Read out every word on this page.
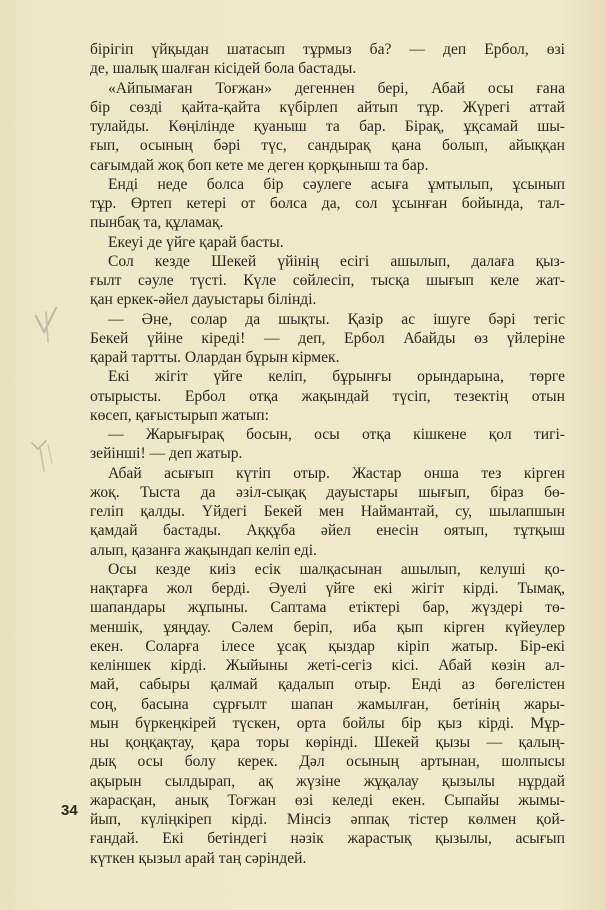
бірігіп үйқыдан шатасып тұрмыз ба? — деп Ербол, өзі
де, шалық шалған кісідей бола бастады.
«Айпымаған Тоғжан» дегеннен бері, Абай осы ғана
бір сөзді қайта-қайта күбірлеп айтып тұр. Жүрегі аттай
тулайды. Көңілінде қуаныш та бар. Бірақ, ұқсамай шы-
ғып, осының бәрі түс, сандырақ қана болып, айыққан
сағымдай жоқ боп кете ме деген қорқыныш та бар.
Енді неде болса бір сәулеге асыға ұмтылып, ұсынып
тұр. Өртеп кетері от болса да, сол ұсынған бойында, тал-
пынбақ та, құламақ.
Екеуі де үйге қарай басты.
Сол кезде Шекей үйінің есігі ашылып, далаға қыз-
ғылт сәуле түсті. Күле сөйлесіп, тысқа шығып келе жат-
қан еркек-әйел дауыстары білінді.
— Әне, солар да шықты. Қазір ас ішуге бәрі тегіс
Бекей үйіне кіреді! — деп, Ербол Абайды өз үйлеріне
қарай тартты. Олардан бұрын кірмек.
Екі жігіт үйге келіп, бұрынғы орындарына, төрге
отырысты. Ербол отқа жақындай түсіп, тезектің отын
көсеп, қағыстырып жатып:
— Жарығырақ босын, осы отқа кішкене қол тигі-
зейінші! — деп жатыр.
Абай асығып күтіп отыр. Жастар онша тез кірген
жоқ. Тыста да әзіл-сықақ дауыстары шығып, біраз бө-
геліп қалды. Үйдегі Бекей мен Наймантай, су, шылапшын
қамдай бастады. Аққұба әйел енесін оятып, тұтқыш
алып, қазанға жақындап келіп еді.
Осы кезде киіз есік шалқасынан ашылып, келуші қо-
нақтарға жол берді. Әуелі үйге екі жігіт кірді. Тымақ,
шапандары жұпыны. Саптама етіктері бар, жүздері тө-
меншік, ұяңдау. Сәлем беріп, иба қып кірген күйеулер
екен. Соларға ілесе ұсақ қыздар кіріп жатыр. Бір-екі
келіншек кірді. Жыйыны жеті-сегіз кісі. Абай көзін ал-
май, сабыры қалмай қадалып отыр. Енді аз бөгелістен
соң, басына сұрғылт шапан жамылған, бетінің жары-
мын бүркеңкірей түскен, орта бойлы бір қыз кірді. Мұр-
ны қоңқақтау, қара торы көрінді. Шекей қызы — қалың-
дық осы болу керек. Дәл осының артынан, шолпысы
ақырын сылдырап, ақ жүзіне жұқалау қызылы нұрдай
жарасқан, анық Тоғжан өзі келеді екен. Сыпайы жымы-
йып, күлiңкiреп кірді. Мінсіз әппақ тістер көлмен қой-
ғандай. Екі бетіндегі нәзік жарастық қызылы, асығып
күткен қызыл арай таң сәріндей.
34
